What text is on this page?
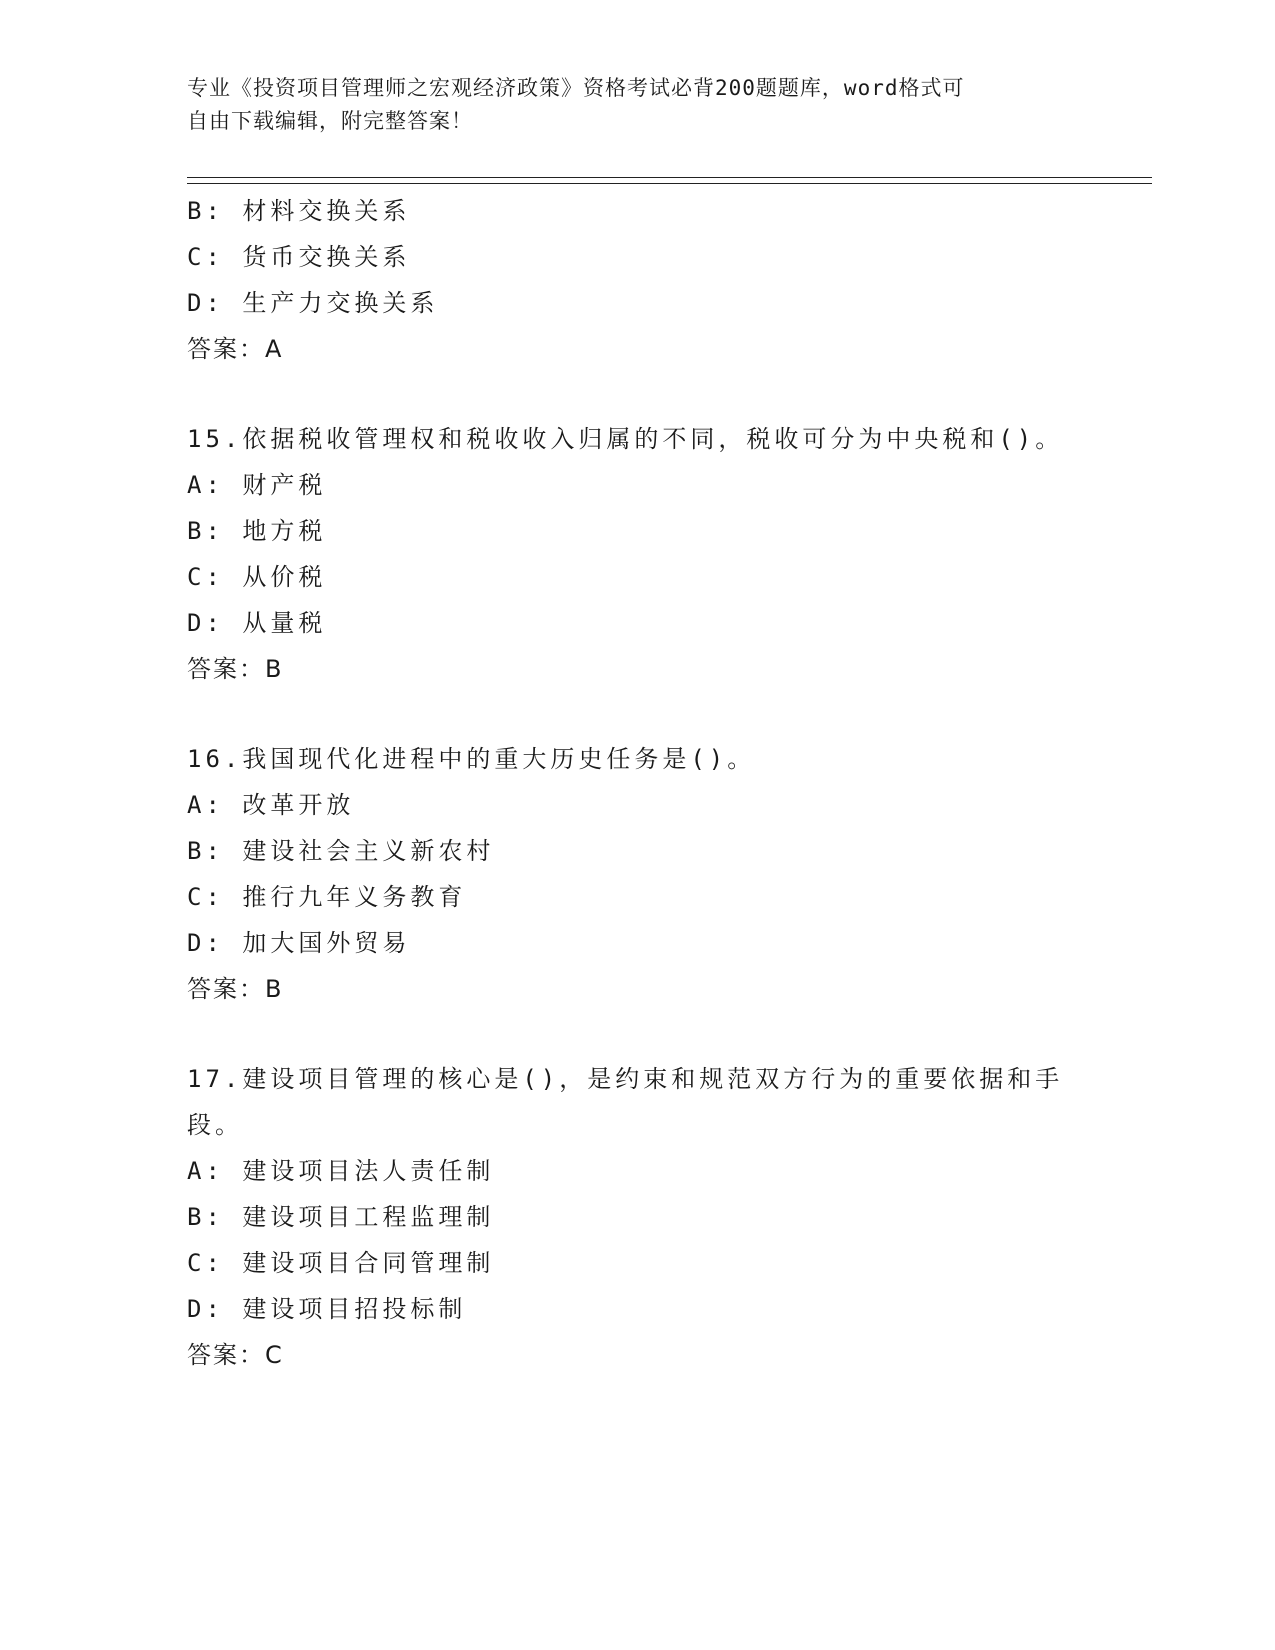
专业《投资项目管理师之宏观经济政策》资格考试必背200题题库，word格式可
自由下载编辑，附完整答案！
B: 材料交换关系
C: 货币交换关系
D: 生产力交换关系
答案：A
15.依据税收管理权和税收收入归属的不同，税收可分为中央税和()。
A: 财产税
B: 地方税
C: 从价税
D: 从量税
答案：B
16.我国现代化进程中的重大历史任务是()。
A: 改革开放
B: 建设社会主义新农村
C: 推行九年义务教育
D: 加大国外贸易
答案：B
17.建设项目管理的核心是()，是约束和规范双方行为的重要依据和手段。
A: 建设项目法人责任制
B: 建设项目工程监理制
C: 建设项目合同管理制
D: 建设项目招投标制
答案：C
